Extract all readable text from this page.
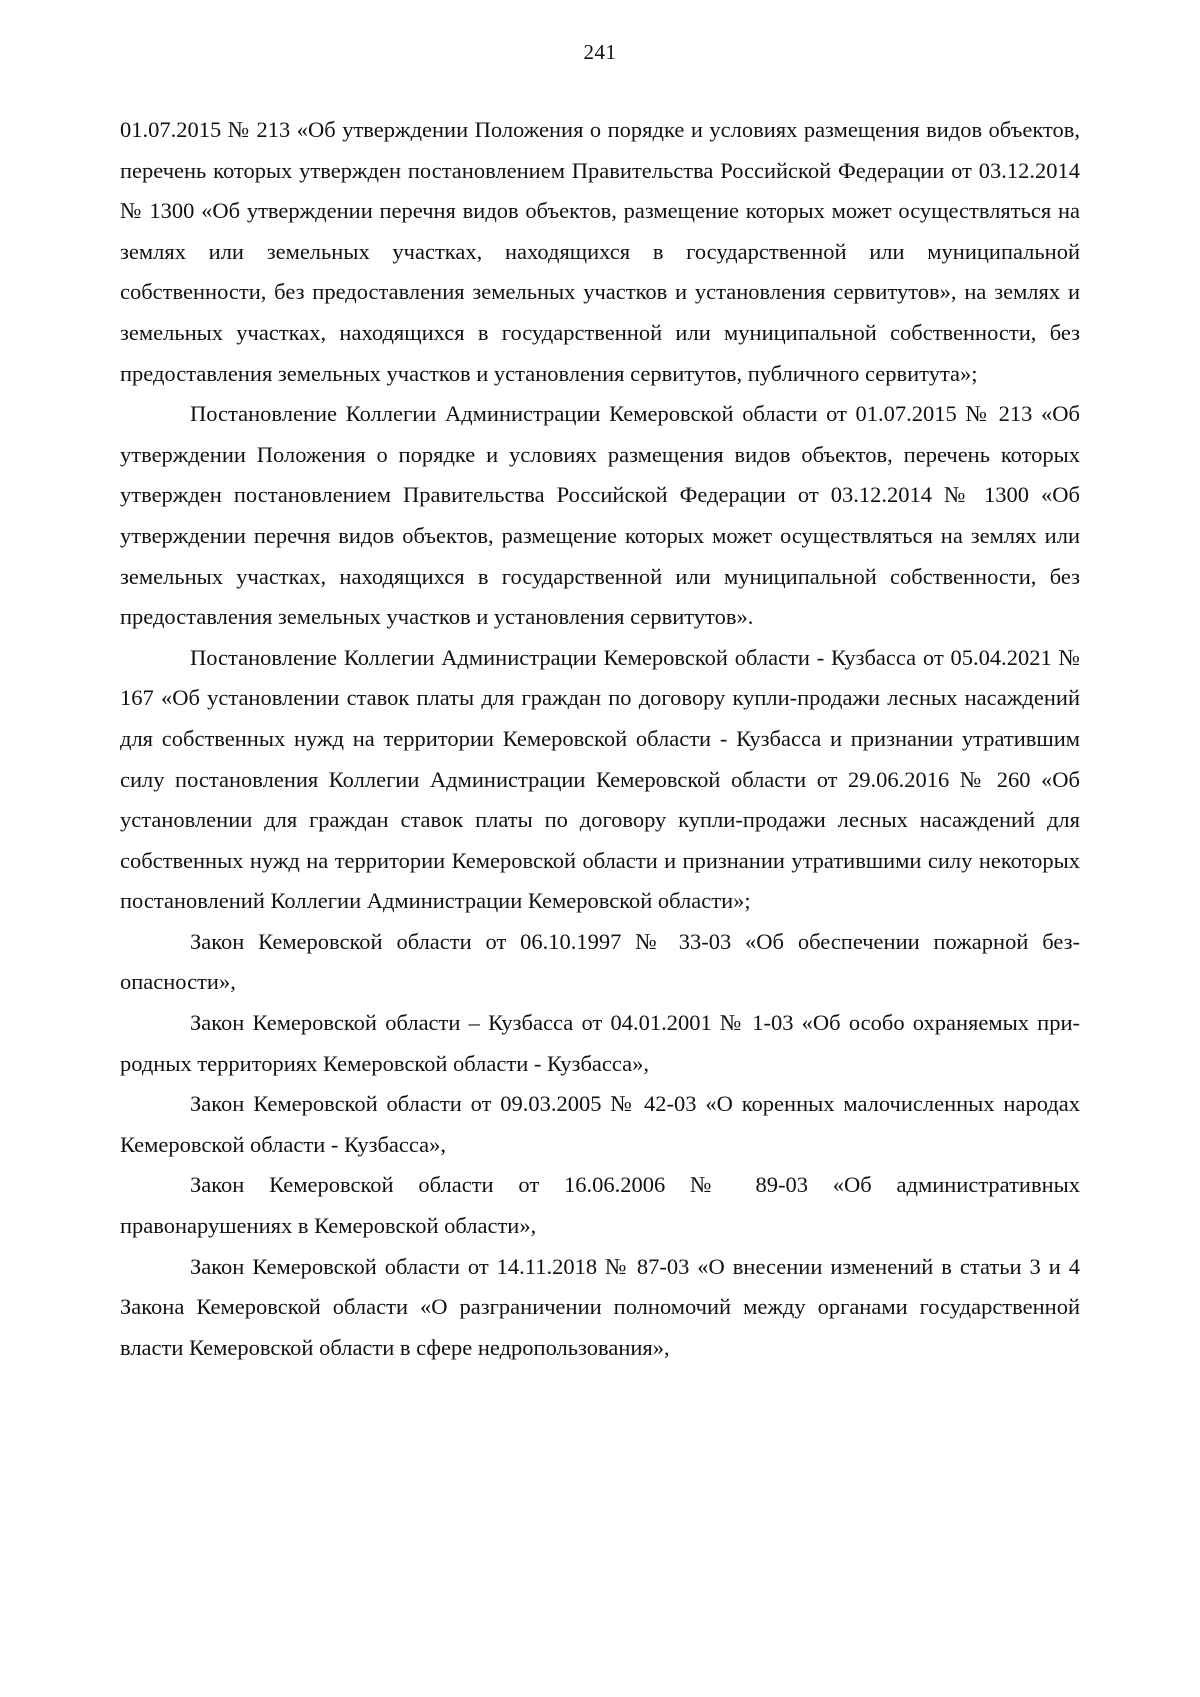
241

01.07.2015 № 213 «Об утверждении Положения о порядке и условиях размещения видов объектов, перечень которых утвержден постановлением Правительства Российской Федерации от 03.12.2014 № 1300 «Об утверждении перечня видов объектов, размещение которых может осуществляться на землях или земельных участках, находящихся в государственной или муниципальной собственности, без предоставления земельных участков и установления сервитутов», на землях и земельных участках, находящихся в государственной или муниципальной собственности, без предоставления земельных участков и установления сервитутов, публичного сервитута»;

Постановление Коллегии Администрации Кемеровской области от 01.07.2015 № 213 «Об утверждении Положения о порядке и условиях размещения видов объектов, перечень которых утвержден постановлением Правительства Российской Федерации от 03.12.2014 № 1300 «Об утверждении перечня видов объектов, размещение которых может осуществляться на землях или земельных участках, находящихся в государственной или муниципальной собственности, без предоставления земельных участков и установления сервитутов».

Постановление Коллегии Администрации Кемеровской области - Кузбасса от 05.04.2021 № 167 «Об установлении ставок платы для граждан по договору купли-продажи лесных насаждений для собственных нужд на территории Кемеровской области - Кузбасса и признании утратившим силу постановления Коллегии Администрации Кемеровской области от 29.06.2016 № 260 «Об установлении для граждан ставок платы по договору купли-продажи лесных насаждений для собственных нужд на территории Кемеровской области и признании утратившими силу некоторых постановлений Коллегии Администрации Кемеровской области»;

Закон Кемеровской области от 06.10.1997 № 33-03 «Об обеспечении пожарной безопасности»,

Закон Кемеровской области – Кузбасса от 04.01.2001 № 1-03 «Об особо охраняемых при-родных территориях Кемеровской области - Кузбасса»,

Закон Кемеровской области от 09.03.2005 № 42-03 «О коренных малочисленных народах Кемеровской области - Кузбасса»,

Закон Кемеровской области от 16.06.2006 № 89-03 «Об административных правонарушениях в Кемеровской области»,

Закон Кемеровской области от 14.11.2018 № 87-03 «О внесении изменений в статьи 3 и 4 Закона Кемеровской области «О разграничении полномочий между органами государственной власти Кемеровской области в сфере недропользования»,
